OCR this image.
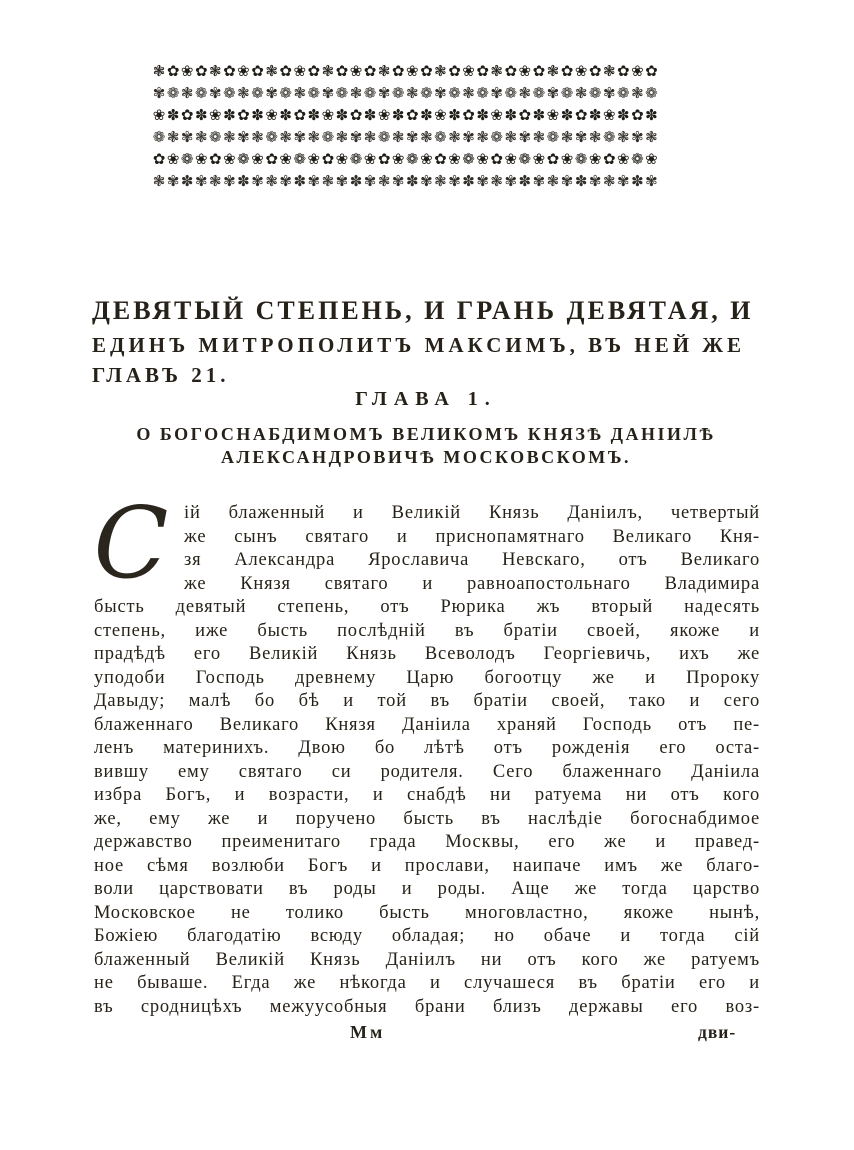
❃✿❀✿❃✿❀✿❃✿❀✿❃✿❀✿❃✿❀✿❃✿❀✿❃✿❀✿❃✿❀✿❃✿❀✿
✾❁❃❁✾❁❃❁✾❁❃❁✾❁❃❁✾❁❃❁✾❁❃❁✾❁❃❁✾❁❃❁✾❁❃❁
❀✽✿✽❀✽✿✽❀✽✿✽❀✽✿✽❀✽✿✽❀✽✿✽❀✽✿✽❀✽✿✽❀✽✿✽
❁❃✾❃❁❃✾❃❁❃✾❃❁❃✾❃❁❃✾❃❁❃✾❃❁❃✾❃❁❃✾❃❁❃✾❃
✿❀❁❀✿❀❁❀✿❀❁❀✿❀❁❀✿❀❁❀✿❀❁❀✿❀❁❀✿❀❁❀✿❀❁❀
❃✾✽✾❃✾✽✾❃✾✽✾❃✾✽✾❃✾✽✾❃✾✽✾❃✾✽✾❃✾✽✾❃✾✽✾
ДЕВЯТЫЙ СТЕПЕНЬ, И ГРАНЬ ДЕВЯТАЯ, И
ЕДИНЪ МИТРОПОЛИТЪ МАКСИМЪ, ВЪ НЕЙ ЖЕ
ГЛАВЪ 21.
ГЛАВА 1.
О БОГОСНАБДИМОМЪ ВЕЛИКОМЪ КНЯЗѢ ДАНІИЛѢ
АЛЕКСАНДРОВИЧѢ МОСКОВСКОМЪ.
С ій блаженный и Великій Князь Даніилъ, четвертый
же сынъ святаго и приснопамятнаго Великаго Кня-
зя Александра Ярославича Невскаго, отъ Великаго
же Князя святаго и равноапостольнаго Владимира
бысть девятый степень, отъ Рюрика жъ вторый надесять
степень, иже бысть послѣдній въ братіи своей, якоже и
прадѣдѣ его Великій Князь Всеволодъ Георгіевичь, ихъ же
уподоби Господь древнему Царю богоотцу же и Пророку
Давыду; малѣ бо бѣ и той въ братіи своей, тако и сего
блаженнаго Великаго Князя Даніила храняй Господь отъ пе-
ленъ материнихъ. Двою бо лѣтѣ отъ рожденія его оста-
вившу ему святаго си родителя. Сего блаженнаго Даніила
избра Богъ, и возрасти, и снабдѣ ни ратуема ни отъ кого
же, ему же и поручено бысть въ наслѣдіе богоснабдимое
державство преименитаго града Москвы, его же и правед-
ное сѣмя возлюби Богъ и прослави, наипаче имъ же благо-
воли царствовати въ роды и роды. Аще же тогда царство
Московское не толико бысть многовластно, якоже нынѣ,
Божіею благодатію всюду обладая; но обаче и тогда сій
блаженный Великій Князь Даніилъ ни отъ кого же ратуемъ
не бываше. Егда же нѣкогда и случашеся въ братіи его и
въ сродницѣхъ межуусобныя брани близъ державы его воз-
Мм	дви-
